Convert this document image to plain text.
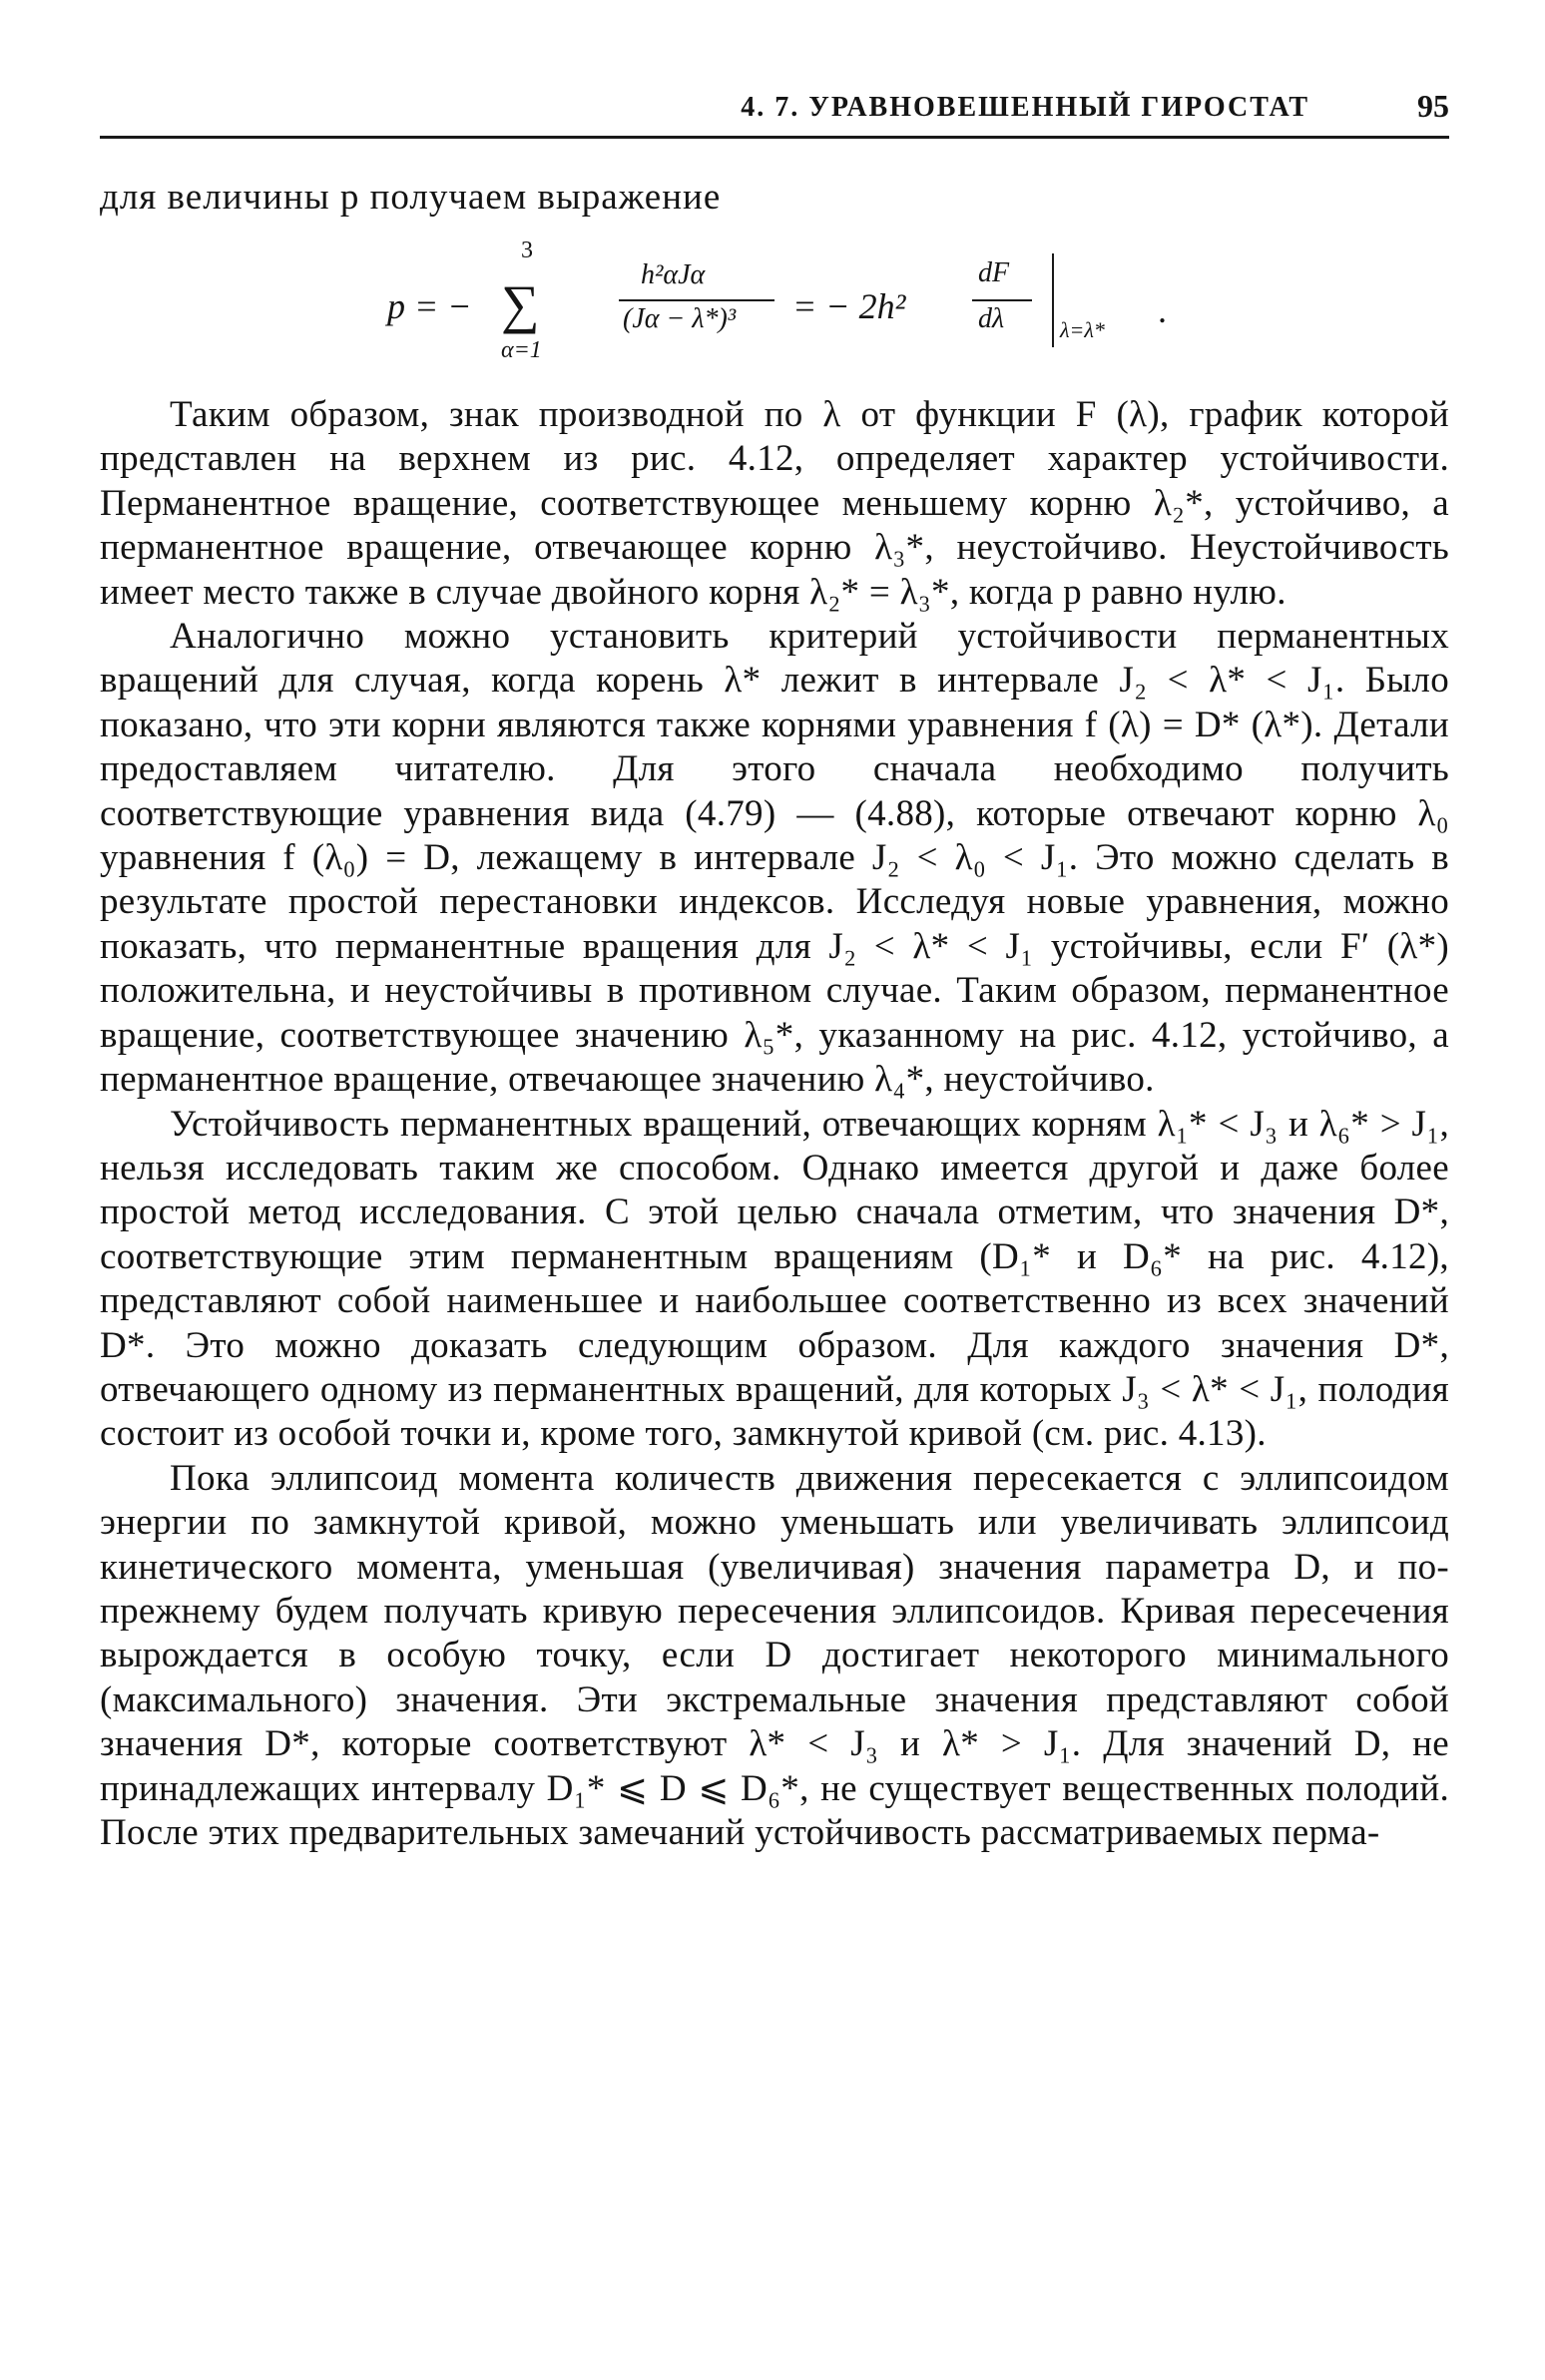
4. 7. УРАВНОВЕШЕННЫЙ ГИРОСТАТ	95
для величины p получаем выражение
p = −
3
∑
α=1
h²αJα
(Jα − λ*)³ = − 2h²
dF
dλ	λ=λ* .

Таким образом, знак производной по λ от функции F (λ), график которой представлен на верхнем из рис. 4.12, определяет характер устойчивости. Перманентное вращение, соответствующее меньшему корню λ₂*, устойчиво, а перманентное вращение, отвечающее корню λ₃*, неустойчиво. Неустойчивость имеет место также в случае двойного корня λ₂* = λ₃*, когда p равно нулю.

Аналогично можно установить критерий устойчивости перманентных вращений для случая, когда корень λ* лежит в интервале J₂ < λ* < J₁. Было показано, что эти корни являются также корнями уравнения f (λ) = D* (λ*). Детали предоставляем читателю. Для этого сначала необходимо получить соответствующие уравнения вида (4.79) — (4.88), которые отвечают корню λ₀ уравнения f (λ₀) = D, лежащему в интервале J₂ < λ₀ < J₁. Это можно сделать в результате простой перестановки индексов. Исследуя новые уравнения, можно показать, что перманентные вращения для J₂ < λ* < J₁ устойчивы, если F′ (λ*) положительна, и неустойчивы в противном случае. Таким образом, перманентное вращение, соответствующее значению λ₅*, указанному на рис. 4.12, устойчиво, а перманентное вращение, отвечающее значению λ₄*, неустойчиво.

Устойчивость перманентных вращений, отвечающих корням λ₁* < J₃ и λ₆* > J₁, нельзя исследовать таким же способом. Однако имеется другой и даже более простой метод исследования. С этой целью сначала отметим, что значения D*, соответствующие этим перманентным вращениям (D₁* и D₆* на рис. 4.12), представляют собой наименьшее и наибольшее соответственно из всех значений D*. Это можно доказать следующим образом. Для каждого значения D*, отвечающего одному из перманентных вращений, для которых J₃ < λ* < J₁, полодия состоит из особой точки и, кроме того, замкнутой кривой (см. рис. 4.13).

Пока эллипсоид момента количеств движения пересекается с эллипсоидом энергии по замкнутой кривой, можно уменьшать или увеличивать эллипсоид кинетического момента, уменьшая (увеличивая) значения параметра D, и по-прежнему будем получать кривую пересечения эллипсоидов. Кривая пересечения вырождается в особую точку, если D достигает некоторого минимального (максимального) значения. Эти экстремальные значения представляют собой значения D*, которые соответствуют λ* < J₃ и λ* > J₁. Для значений D, не принадлежащих интервалу D₁* ⩽ D ⩽ D₆*, не существует вещественных полодий. После этих предварительных замечаний устойчивость рассматриваемых перма-
